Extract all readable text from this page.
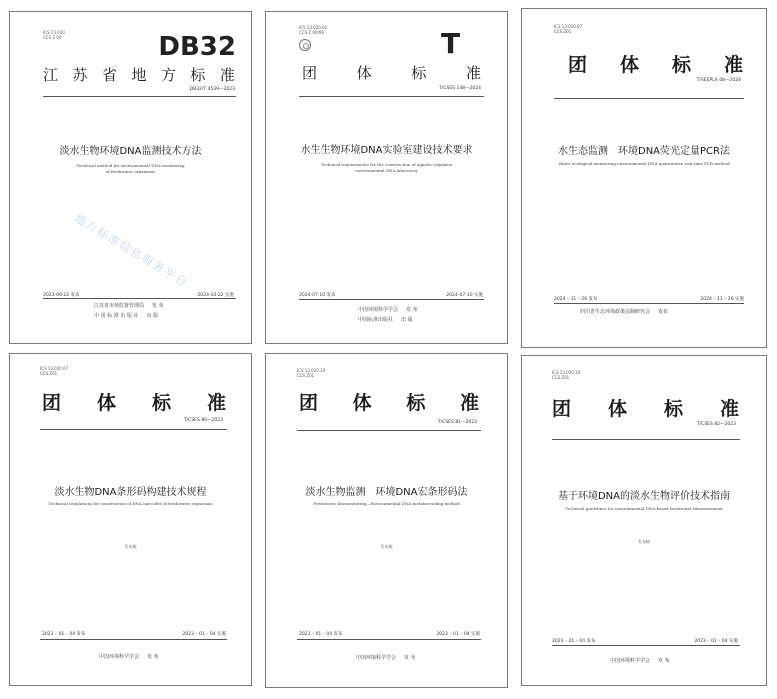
ICS 13.020
CCS Z 00	DB32
江 苏 省 地 方 标 准
DB32/T 4539—2023
淡水生物环境DNA监测技术方法
Technical method for environmental DNA monitoring of freshwater organisms
地方标准信息服务平台
2023-09-22 发布	2023-10-22 实施
江苏省市场监督管理局 发 布
中 国 标 准 出 版 社 出 版
ICS 13.020.01
CCS Z 00/09	T
团	体	标	准
T/CSES 148—2024
水生生物环境DNA实验室建设技术要求
Technical requirements for the construction of aquatic organism environmental DNA laboratory
2024-07-10 发布	2024-07-10 实施
中国环境科学学会 发 布
中国标准出版社 出 版
ICS 13.020.07
CCS Z01
团 体 标 准
T/SEEPLA 08—2024
水生态监测　环境DNA荧光定量PCR法
Water ecological monitoring-environmental DNA quantitative real-time PCR method
2024 – 11 – 26 发布	2024 – 11 – 26 实施
四川省生态环境政策法制研究会 发布
ICS 13.020.07
CCS Z01
团 体 标 准
T/CSES 80—2023
淡水生物DNA条形码构建技术规程
Technical regulations for construction of DNA barcodes of freshwater organisms
发布稿
2023 – 01 – 04 发布	2023 – 01 – 04 实施
中国环境科学学会 发 布
ICS 13.020.10
CCS Z01
团 体 标 准
T/CSES 81—2023
淡水生物监测　环境DNA宏条形码法
Freshwater biomonitoring—Environmental DNA metabarcoding method
发布稿
2023 – 01 – 04 发布	2023 – 01 – 04 实施
中国环境科学学会 发 布
ICS 13.020.10
CCS Z01
团 体 标 准
T/CSES 82—2023
基于环境DNA的淡水生物评价技术指南
Technical guidelines for environmental DNA-based freshwater bioassessment
发布稿
2023 – 01 – 04 发布	2023 – 01 – 04 实施
中国环境科学学会 发 布
